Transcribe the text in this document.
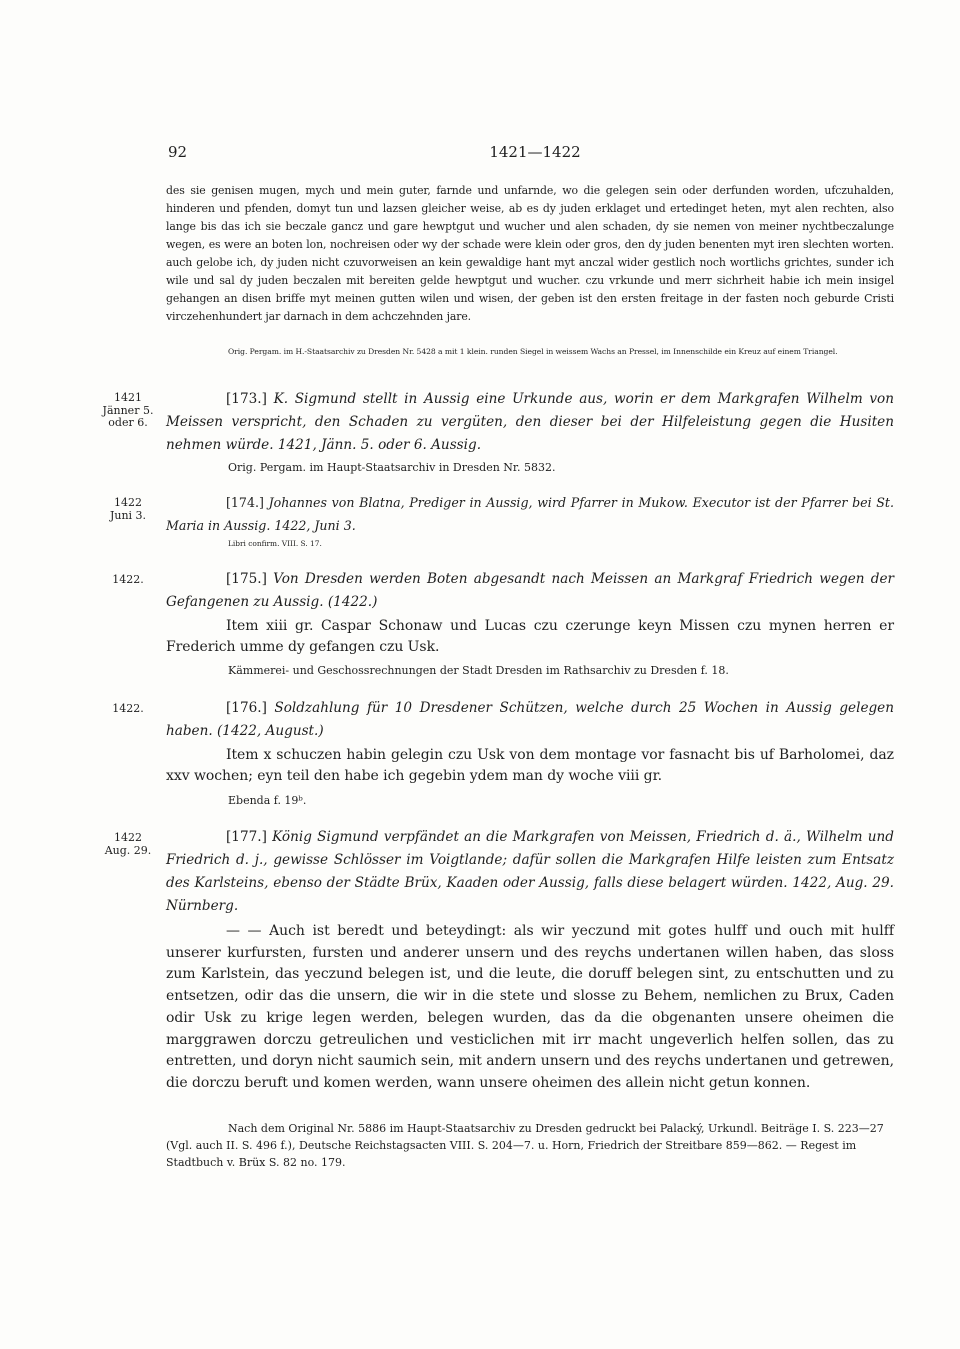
92	1421—1422

des sie genisen mugen, mych und mein guter, farnde und unfarnde, wo die gelegen sein oder derfunden worden, ufczuhalden, hinderen und pfenden, domyt tun und lazsen gleicher weise, ab es dy juden erklaget und ertedinget heten, myt alen rechten, also lange bis das ich sie beczale gancz und gare hewptgut und wucher und alen schaden, dy sie nemen von meiner nychtbeczalunge wegen, es were an boten lon, nochreisen oder wy der schade were klein oder gros, den dy juden benenten myt iren slechten worten. auch gelobe ich, dy juden nicht czuvorweisen an kein gewaldige hant myt anczal wider gestlich noch wortlichs grichtes, sunder ich wile und sal dy juden beczalen mit bereiten gelde hewptgut und wucher. czu vrkunde und merr sichrheit habie ich mein insigel gehangen an disen briffe myt meinen gutten wilen und wisen, der geben ist den ersten freitage in der fasten noch geburde Cristi virczehenhundert jar darnach in dem achczehnden jare.

Orig. Pergam. im H.-Staatsarchiv zu Dresden Nr. 5428 a mit 1 klein. runden Siegel in weissem Wachs an Pressel, im Innenschilde ein Kreuz auf einem Triangel.

1421
Jänner 5.
oder 6.

[173.] K. Sigmund stellt in Aussig eine Urkunde aus, worin er dem Markgrafen Wilhelm von Meissen verspricht, den Schaden zu vergüten, den dieser bei der Hilfeleistung gegen die Husiten nehmen würde. 1421, Jänn. 5. oder 6. Aussig.

Orig. Pergam. im Haupt-Staatsarchiv in Dresden Nr. 5832.

1422
Juni 3.

[174.] Johannes von Blatna, Prediger in Aussig, wird Pfarrer in Mukow. Executor ist der Pfarrer bei St. Maria in Aussig. 1422, Juni 3.

Libri confirm. VIII. S. 17.

1422.	[175.] Von Dresden werden Boten abgesandt nach Meissen an Markgraf Friedrich wegen der Gefangenen zu Aussig. (1422.)

Item xiii gr. Caspar Schonaw und Lucas czu czerunge keyn Missen czu mynen herren er Frederich umme dy gefangen czu Usk.

Kämmerei- und Geschossrechnungen der Stadt Dresden im Rathsarchiv zu Dresden f. 18.

1422.	[176.] Soldzahlung für 10 Dresdener Schützen, welche durch 25 Wochen in Aussig gelegen haben. (1422, August.)

Item x schuczen habin gelegin czu Usk von dem montage vor fasnacht bis uf Barholomei, daz xxv wochen; eyn teil den habe ich gegebin ydem man dy woche viii gr.

Ebenda f. 19ᵇ.

1422
Aug. 29.

[177.] König Sigmund verpfändet an die Markgrafen von Meissen, Friedrich d. ä., Wilhelm und Friedrich d. j., gewisse Schlösser im Voigtlande; dafür sollen die Markgrafen Hilfe leisten zum Entsatz des Karlsteins, ebenso der Städte Brüx, Kaaden oder Aussig, falls diese belagert würden. 1422, Aug. 29. Nürnberg.

— — Auch ist beredt und beteydingt: als wir yeczund mit gotes hulff und ouch mit hulff unserer kurfursten, fursten und anderer unsern und des reychs undertanen willen haben, das sloss zum Karlstein, das yeczund belegen ist, und die leute, die doruff belegen sint, zu entschutten und zu entsetzen, odir das die unsern, die wir in die stete und slosse zu Behem, nemlichen zu Brux, Caden odir Usk zu krige legen werden, belegen wurden, das da die obgenanten unsere oheimen die marggrawen dorczu getreulichen und vesticlichen mit irr macht ungeverlich helfen sollen, das zu entretten, und doryn nicht saumich sein, mit andern unsern und des reychs undertanen und getrewen, die dorczu beruft und komen werden, wann unsere oheimen des allein nicht getun konnen.

Nach dem Original Nr. 5886 im Haupt-Staatsarchiv zu Dresden gedruckt bei Palacký, Urkundl. Beiträge I. S. 223—27 (Vgl. auch II. S. 496 f.), Deutsche Reichstagsacten VIII. S. 204—7. u. Horn, Friedrich der Streitbare 859—862. — Regest im Stadtbuch v. Brüx S. 82 no. 179.
